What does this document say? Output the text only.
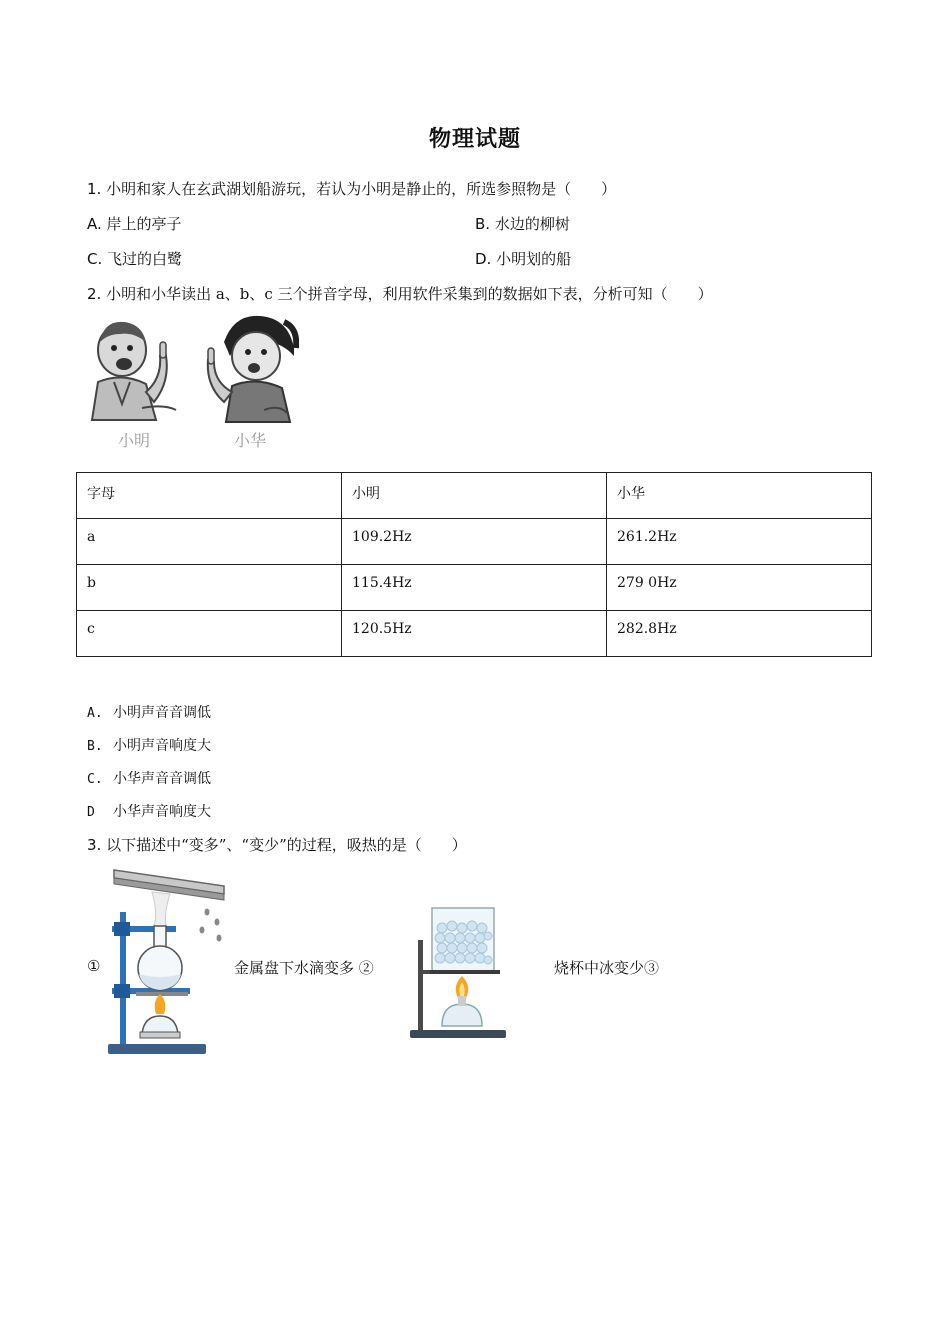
物理试题
1. 小明和家人在玄武湖划船游玩，若认为小明是静止的，所选参照物是（　　）
A. 岸上的亭子	B. 水边的柳树
C. 飞过的白鹭	D. 小明划的船
2. 小明和小华读出 a、b、c 三个拼音字母，利用软件采集到的数据如下表，分析可知（　　）
小明	小华
字母	小明	小华
a	109.2Hz	261.2Hz
b	115.4Hz	279 0Hz
c	120.5Hz	282.8Hz
A. 小明声音音调低
B. 小明声音响度大
C. 小华声音音调低
D 小华声音响度大
3. 以下描述中“变多”、“变少”的过程，吸热的是（　　）
①	金属盘下水滴变多 ②	烧杯中冰变少③
